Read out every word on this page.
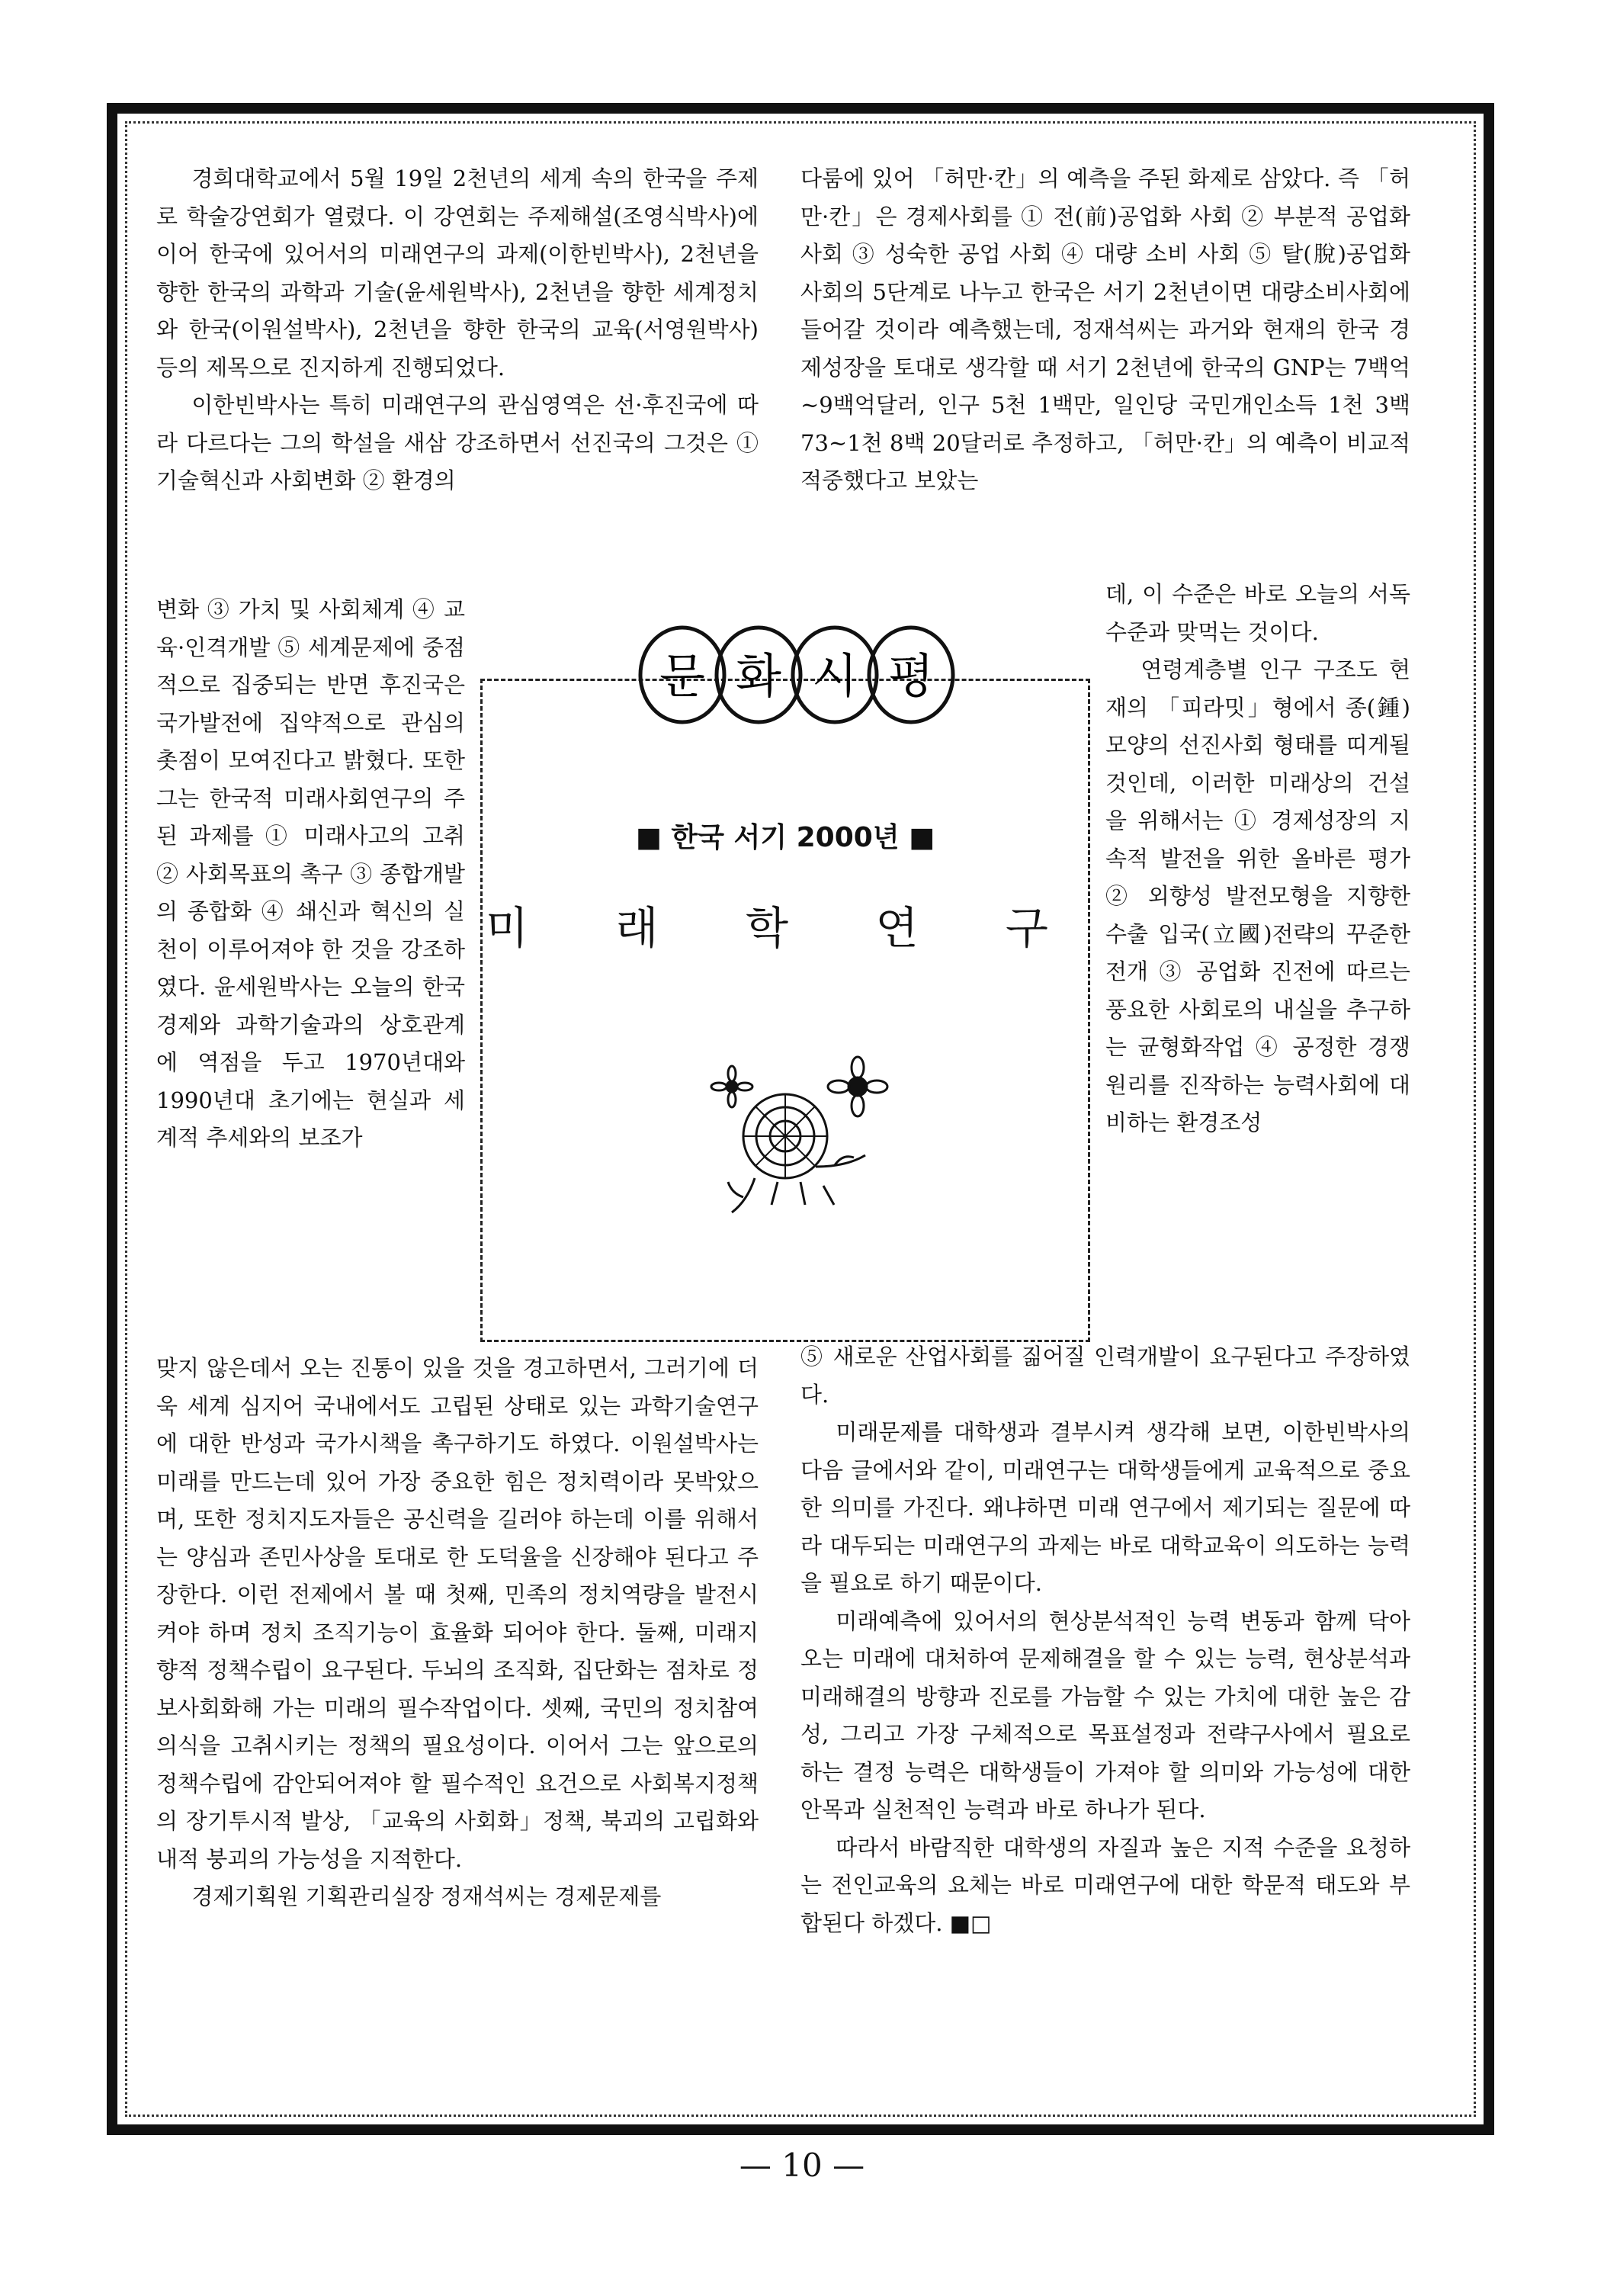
경희대학교에서 5월 19일 2천년의 세계 속의 한국을 주제로 학술강연회가 열렸다. 이 강연회는 주제해설(조영식박사)에 이어 한국에 있어서의 미래연구의 과제(이한빈박사), 2천년을 향한 한국의 과학과 기술(윤세원박사), 2천년을 향한 세계정치와 한국(이원설박사), 2천년을 향한 한국의 교육(서영원박사)등의 제목으로 진지하게 진행되었다.

이한빈박사는 특히 미래연구의 관심영역은 선·후진국에 따라 다르다는 그의 학설을 새삼 강조하면서 선진국의 그것은 ① 기술혁신과 사회변화 ② 환경의

변화 ③ 가치 및 사회체계 ④ 교육·인격개발 ⑤ 세계문제에 중점적으로 집중되는 반면 후진국은 국가발전에 집약적으로 관심의 촛점이 모여진다고 밝혔다. 또한 그는 한국적 미래사회연구의 주된 과제를 ① 미래사고의 고취 ② 사회목표의 촉구 ③ 종합개발의 종합화 ④ 쇄신과 혁신의 실천이 이루어져야 한 것을 강조하였다. 윤세원박사는 오늘의 한국경제와 과학기술과의 상호관계에 역점을 두고 1970년대와 1990년대 초기에는 현실과 세계적 추세와의 보조가

맞지 않은데서 오는 진통이 있을 것을 경고하면서, 그러기에 더욱 세계 심지어 국내에서도 고립된 상태로 있는 과학기술연구에 대한 반성과 국가시책을 촉구하기도 하였다. 이원설박사는 미래를 만드는데 있어 가장 중요한 힘은 정치력이라 못박았으며, 또한 정치지도자들은 공신력을 길러야 하는데 이를 위해서는 양심과 존민사상을 토대로 한 도덕율을 신장해야 된다고 주장한다. 이런 전제에서 볼 때 첫째, 민족의 정치역량을 발전시켜야 하며 정치 조직기능이 효율화 되어야 한다. 둘째, 미래지향적 정책수립이 요구된다. 두뇌의 조직화, 집단화는 점차로 정보사회화해 가는 미래의 필수작업이다. 셋째, 국민의 정치참여의식을 고취시키는 정책의 필요성이다. 이어서 그는 앞으로의 정책수립에 감안되어져야 할 필수적인 요건으로 사회복지정책의 장기투시적 발상, 「교육의 사회화」정책, 북괴의 고립화와 내적 붕괴의 가능성을 지적한다.

경제기획원 기획관리실장 정재석씨는 경제문제를

다룸에 있어 「허만·칸」의 예측을 주된 화제로 삼았다. 즉 「허만·칸」은 경제사회를 ① 전(前)공업화 사회 ② 부분적 공업화 사회 ③ 성숙한 공업 사회 ④ 대량 소비 사회 ⑤ 탈(脫)공업화 사회의 5단계로 나누고 한국은 서기 2천년이면 대량소비사회에 들어갈 것이라 예측했는데, 정재석씨는 과거와 현재의 한국 경제성장을 토대로 생각할 때 서기 2천년에 한국의 GNP는 7백억~9백억달러, 인구 5천 1백만, 일인당 국민개인소득 1천 3백 73~1천 8백 20달러로 추정하고, 「허만·칸」의 예측이 비교적 적중했다고 보았는

데, 이 수준은 바로 오늘의 서독수준과 맞먹는 것이다.

연령계층별 인구 구조도 현재의 「피라밋」형에서 종(鍾) 모양의 선진사회 형태를 띠게될 것인데, 이러한 미래상의 건설을 위해서는 ① 경제성장의 지속적 발전을 위한 올바른 평가 ② 외향성 발전모형을 지향한 수출 입국(立國)전략의 꾸준한 전개 ③ 공업화 진전에 따르는 풍요한 사회로의 내실을 추구하는 균형화작업 ④ 공정한 경쟁원리를 진작하는 능력사회에 대비하는 환경조성

⑤ 새로운 산업사회를 짊어질 인력개발이 요구된다고 주장하였다.

미래문제를 대학생과 결부시켜 생각해 보면, 이한빈박사의 다음 글에서와 같이, 미래연구는 대학생들에게 교육적으로 중요한 의미를 가진다. 왜냐하면 미래 연구에서 제기되는 질문에 따라 대두되는 미래연구의 과제는 바로 대학교육이 의도하는 능력을 필요로 하기 때문이다.

미래예측에 있어서의 현상분석적인 능력 변동과 함께 닥아오는 미래에 대처하여 문제해결을 할 수 있는 능력, 현상분석과 미래해결의 방향과 진로를 가늠할 수 있는 가치에 대한 높은 감성, 그리고 가장 구체적으로 목표설정과 전략구사에서 필요로 하는 결정 능력은 대학생들이 가져야 할 의미와 가능성에 대한 안목과 실천적인 능력과 바로 하나가 된다.

따라서 바람직한 대학생의 자질과 높은 지적 수준을 요청하는 전인교육의 요체는 바로 미래연구에 대한 학문적 태도와 부합된다 하겠다. ■□

문 화 시 평
■ 한국 서기 2000년 ■
미 래 학 연 구
— 10 —
